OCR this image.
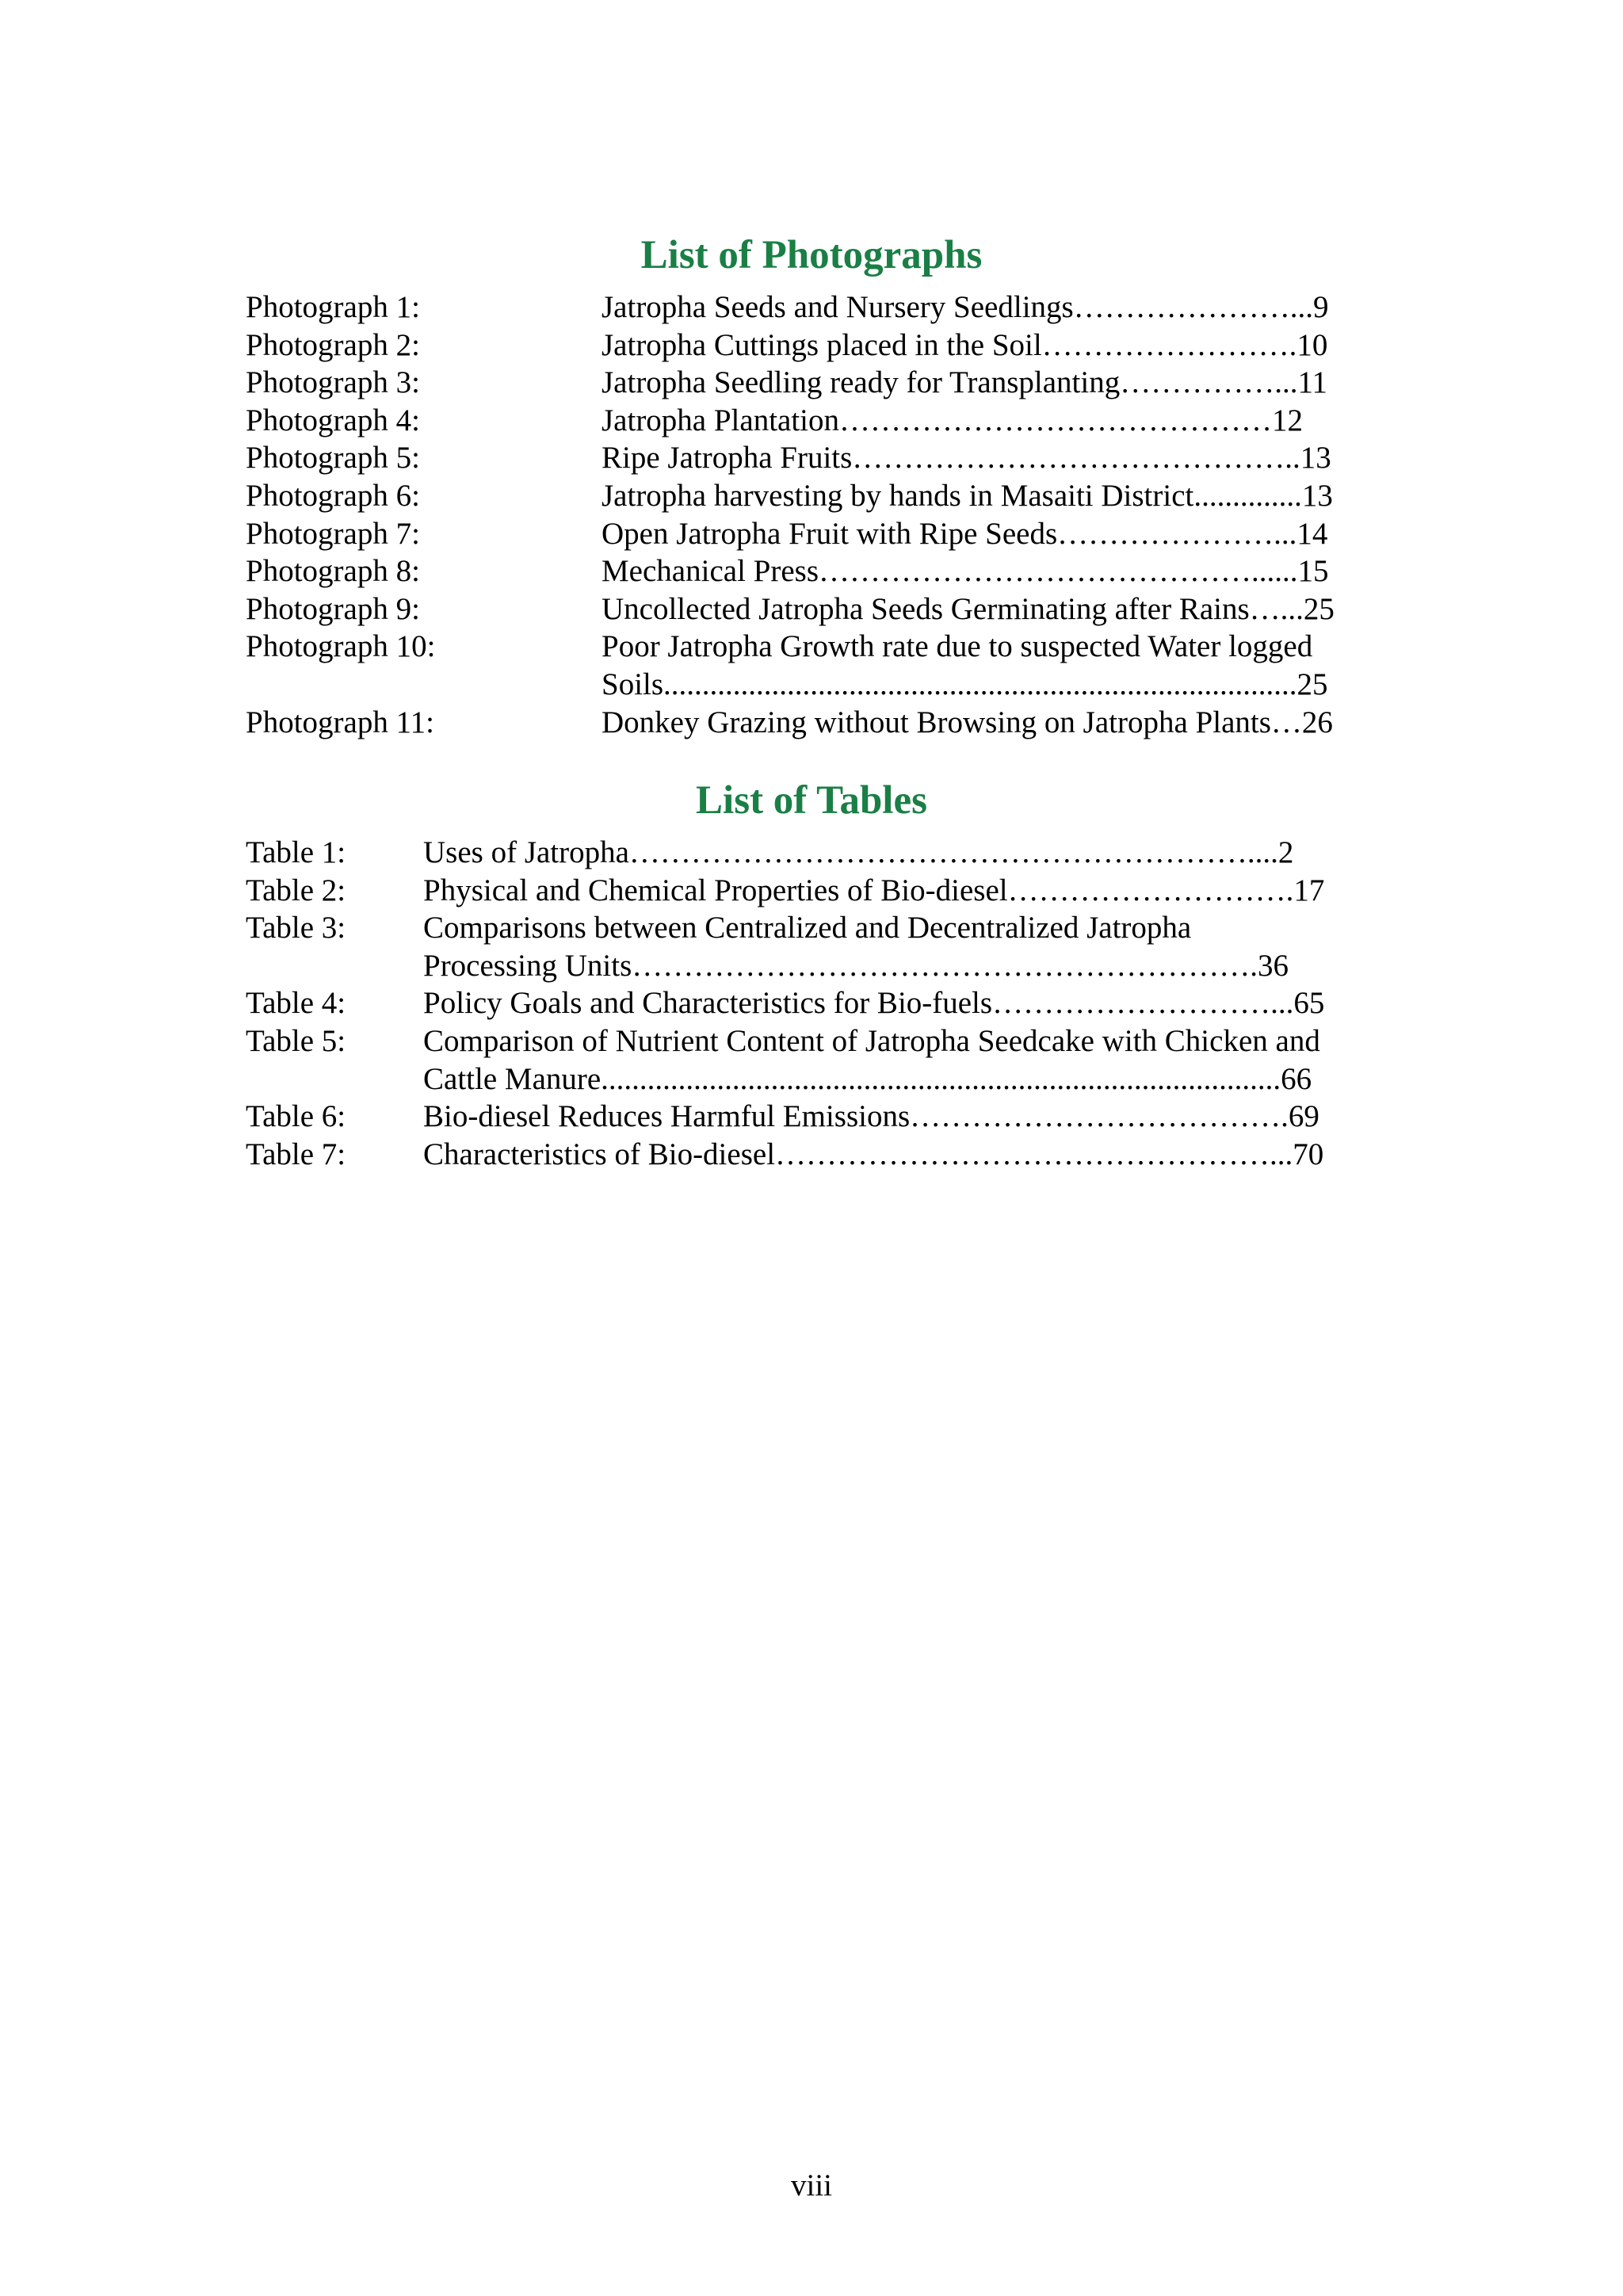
List of Photographs
Photograph 1:	Jatropha Seeds and Nursery Seedlings…………………...9
Photograph 2:	Jatropha Cuttings placed in the Soil…………………….10
Photograph 3:	Jatropha Seedling ready for Transplanting……………...11
Photograph 4:	Jatropha Plantation……………………………………12
Photograph 5:	Ripe Jatropha Fruits……………………………………..13
Photograph 6:	Jatropha harvesting by hands in Masaiti District..............13
Photograph 7:	Open Jatropha Fruit with Ripe Seeds…………………...14
Photograph 8:	Mechanical Press……………………………………......15
Photograph 9:	Uncollected Jatropha Seeds Germinating after Rains…...25
Photograph 10:	Poor Jatropha Growth rate due to suspected Water logged
Soils..................................................................................25
Photograph 11:	Donkey Grazing without Browsing on Jatropha Plants…26
List of Tables
Table 1:	Uses of Jatropha……………………………………………………....2
Table 2:	Physical and Chemical Properties of Bio-diesel……………………….17
Table 3:	Comparisons between Centralized and Decentralized Jatropha
Processing Units…………………………………………………….36
Table 4:	Policy Goals and Characteristics for Bio-fuels………………………...65
Table 5:	Comparison of Nutrient Content of Jatropha Seedcake with Chicken and
Cattle Manure........................................................................................66
Table 6:	Bio-diesel Reduces Harmful Emissions……………………………….69
Table 7:	Characteristics of Bio-diesel…………………………………………...70
viii
